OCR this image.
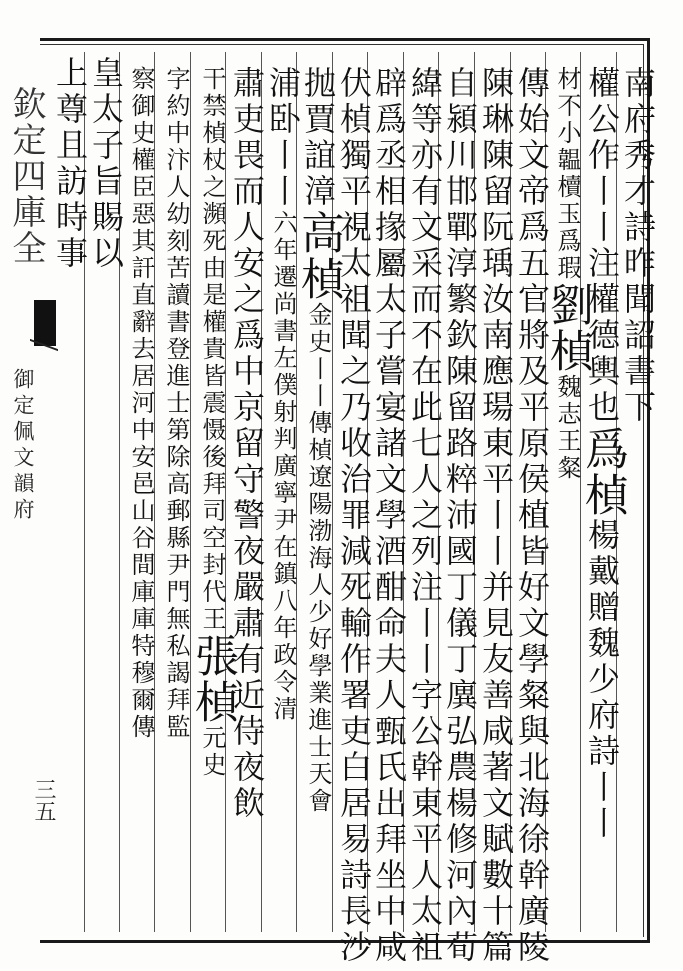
欽定四庫全
御定佩文韻府
三五
南府秀才詩昨聞詔書下
權公作丨丨注權德輿也爲楨楊戴贈魏少府詩丨丨
材不小韞櫝玉爲瑕劉楨魏志王粲
傳始文帝爲五官將及平原侯植皆好文學粲與北海徐幹廣陵
陳琳陳留阮瑀汝南應瑒東平丨丨并見友善咸著文賦數十篇
自潁川邯鄲淳繁欽陳留路粹沛國丁儀丁廙弘農楊修河內荀
緯等亦有文采而不在此七人之列注丨丨字公幹東平人太祖
辟爲丞相掾屬太子嘗宴諸文學酒酣命夫人甄氏出拜坐中咸
伏楨獨平視太祖聞之乃收治罪減死輸作署吏白居易詩長沙
抛賈誼漳高楨金史丨丨傳楨遼陽渤海人少好學業進士天會
浦卧丨丨六年遷尚書左僕射判廣寧尹在鎮八年政令清
肅吏畏而人安之爲中京留守警夜嚴肅有近侍夜飲
干禁楨杖之瀕死由是權貴皆震慑後拜司空封代王張楨元史
字約中汴人幼刻苦讀書登進士第除高郵縣尹門無私謁拜監
察御史權臣惡其訐直辭去居河中安邑山谷間庫庫特穆爾傳
皇太子旨賜以
上尊且訪時事
